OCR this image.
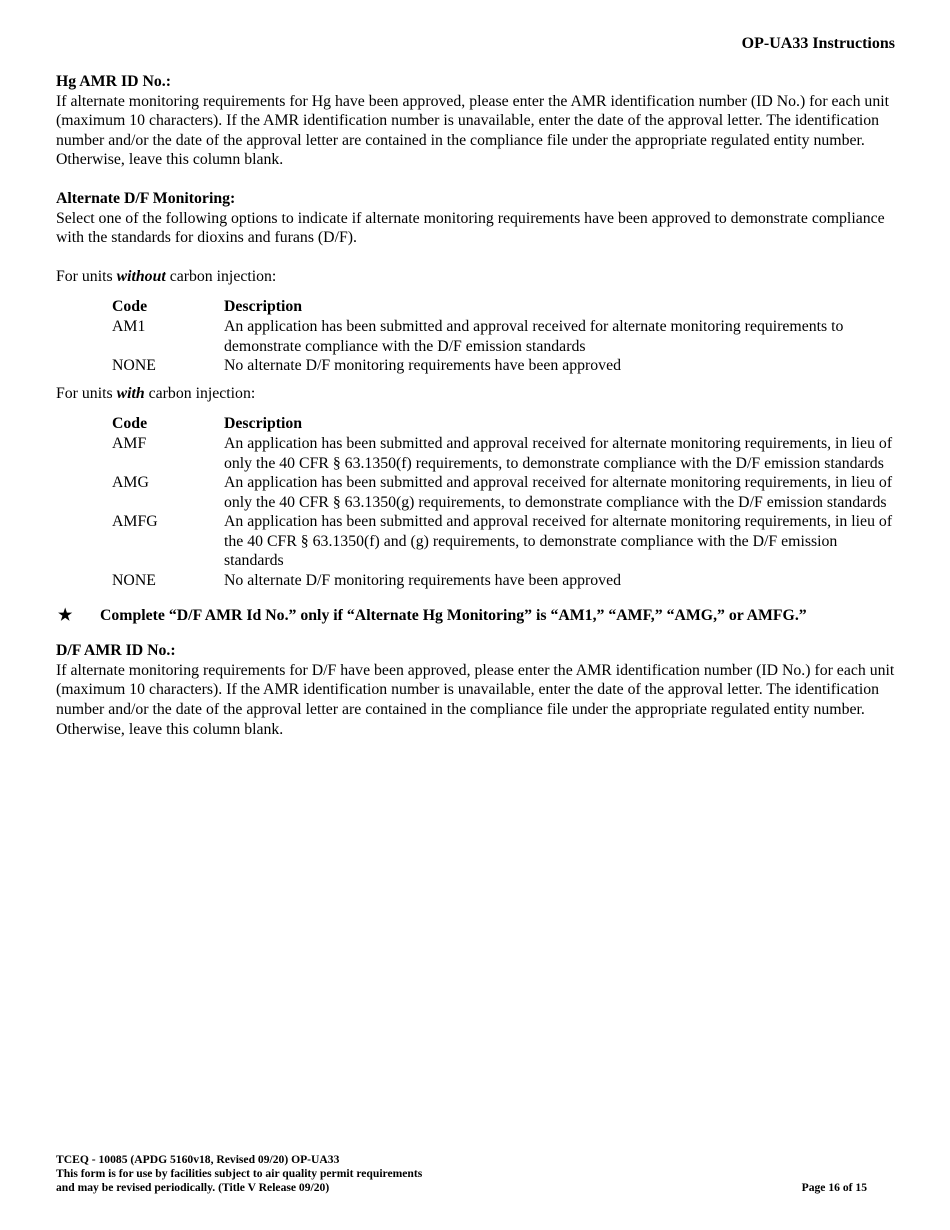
OP-UA33 Instructions
Hg AMR ID No.:

If alternate monitoring requirements for Hg have been approved, please enter the AMR identification number (ID No.) for each unit (maximum 10 characters). If the AMR identification number is unavailable, enter the date of the approval letter. The identification number and/or the date of the approval letter are contained in the compliance file under the appropriate regulated entity number. Otherwise, leave this column blank.

Alternate D/F Monitoring:

Select one of the following options to indicate if alternate monitoring requirements have been approved to demonstrate compliance with the standards for dioxins and furans (D/F).

For units without carbon injection:

Code	Description
AM1	An application has been submitted and approval received for alternate monitoring requirements to demonstrate compliance with the D/F emission standards
NONE	No alternate D/F monitoring requirements have been approved

For units with carbon injection:

Code	Description
AMF	An application has been submitted and approval received for alternate monitoring requirements, in lieu of only the 40 CFR § 63.1350(f) requirements, to demonstrate compliance with the D/F emission standards
AMG	An application has been submitted and approval received for alternate monitoring requirements, in lieu of only the 40 CFR § 63.1350(g) requirements, to demonstrate compliance with the D/F emission standards
AMFG	An application has been submitted and approval received for alternate monitoring requirements, in lieu of the 40 CFR § 63.1350(f) and (g) requirements, to demonstrate compliance with the D/F emission standards
NONE	No alternate D/F monitoring requirements have been approved
★	Complete “D/F AMR Id No.” only if “Alternate Hg Monitoring” is “AM1,” “AMF,” “AMG,” or AMFG.”
D/F AMR ID No.:

If alternate monitoring requirements for D/F have been approved, please enter the AMR identification number (ID No.) for each unit (maximum 10 characters). If the AMR identification number is unavailable, enter the date of the approval letter. The identification number and/or the date of the approval letter are contained in the compliance file under the appropriate regulated entity number. Otherwise, leave this column blank.

TCEQ - 10085 (APDG 5160v18, Revised 09/20) OP-UA33
This form is for use by facilities subject to air quality permit requirements
and may be revised periodically. (Title V Release 09/20)	Page 16 of 15
